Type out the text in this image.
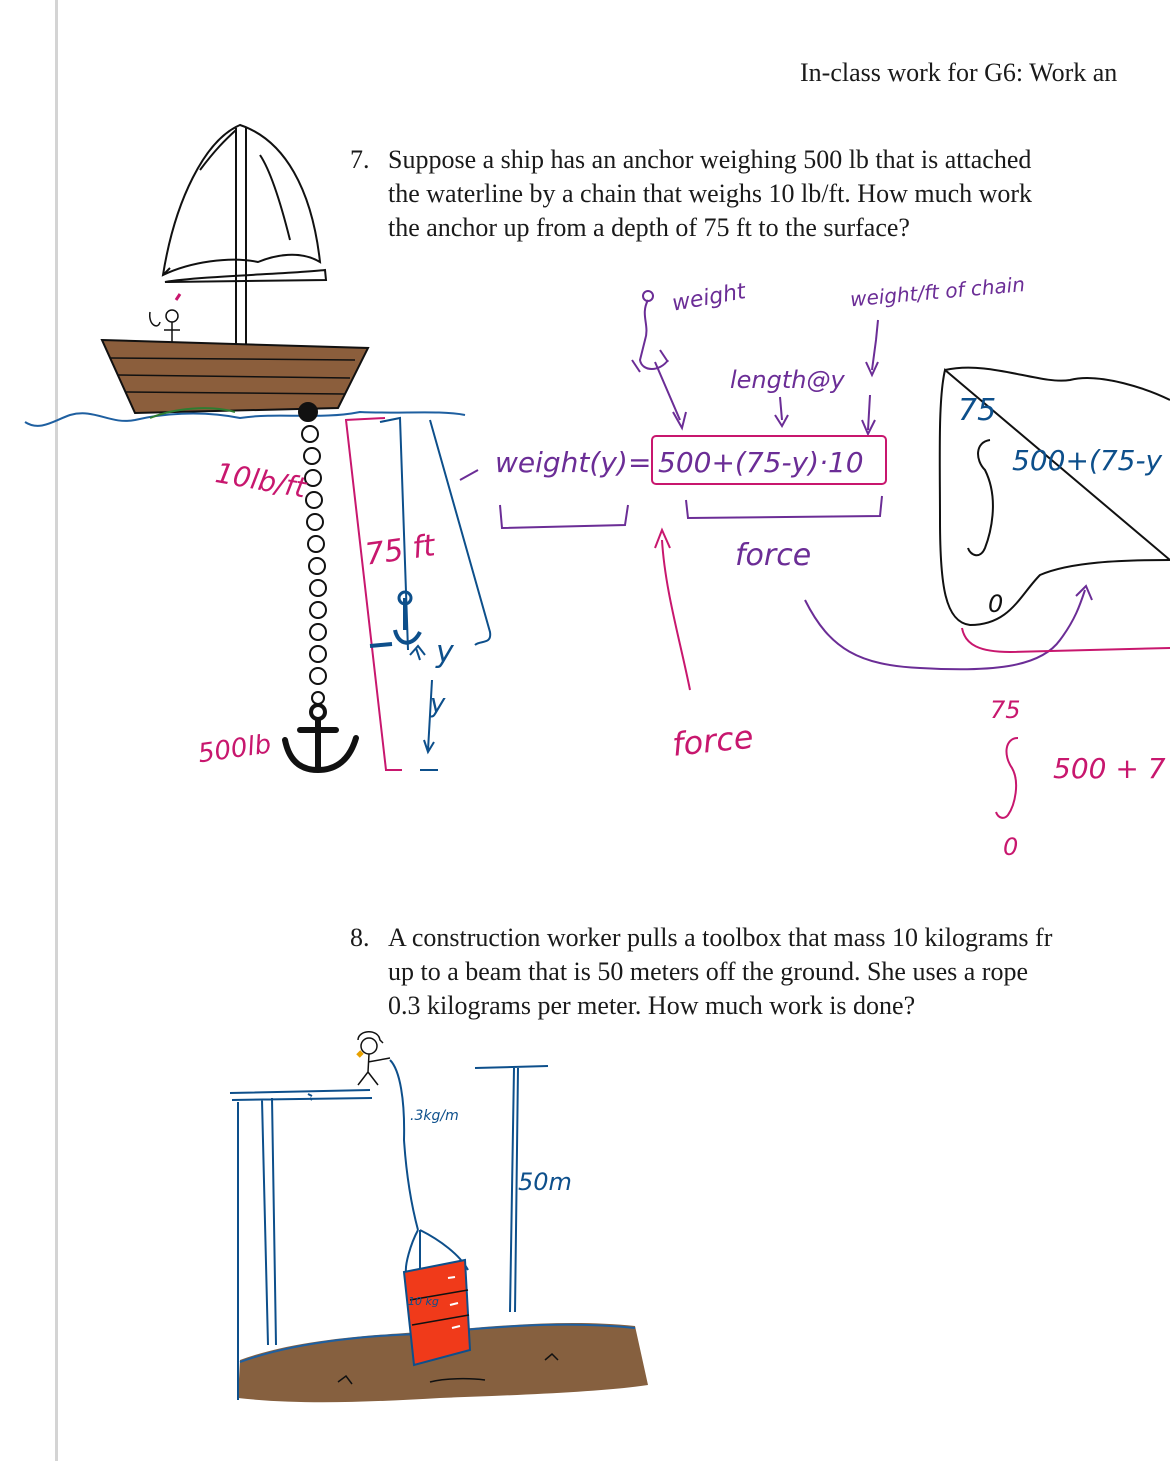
In-class work for G6: Work an
7. Suppose a ship has an anchor weighing 500 lb that is attached
the waterline by a chain that weighs 10 lb/ft. How much work
the anchor up from a depth of 75 ft to the surface?
8. A construction worker pulls a toolbox that mass 10 kilograms fr
up to a beam that is 50 meters off the ground. She uses a rope
0.3 kilograms per meter. How much work is done?
75 ft
y
y
10lb/ft
500lb
weight	weight/ft of chain
length@y
weight(y) = 500+(75-y)·10
force
force
75
0
500+(75-y
75
0
500 + 7
10 kg
.3kg/m
50m
